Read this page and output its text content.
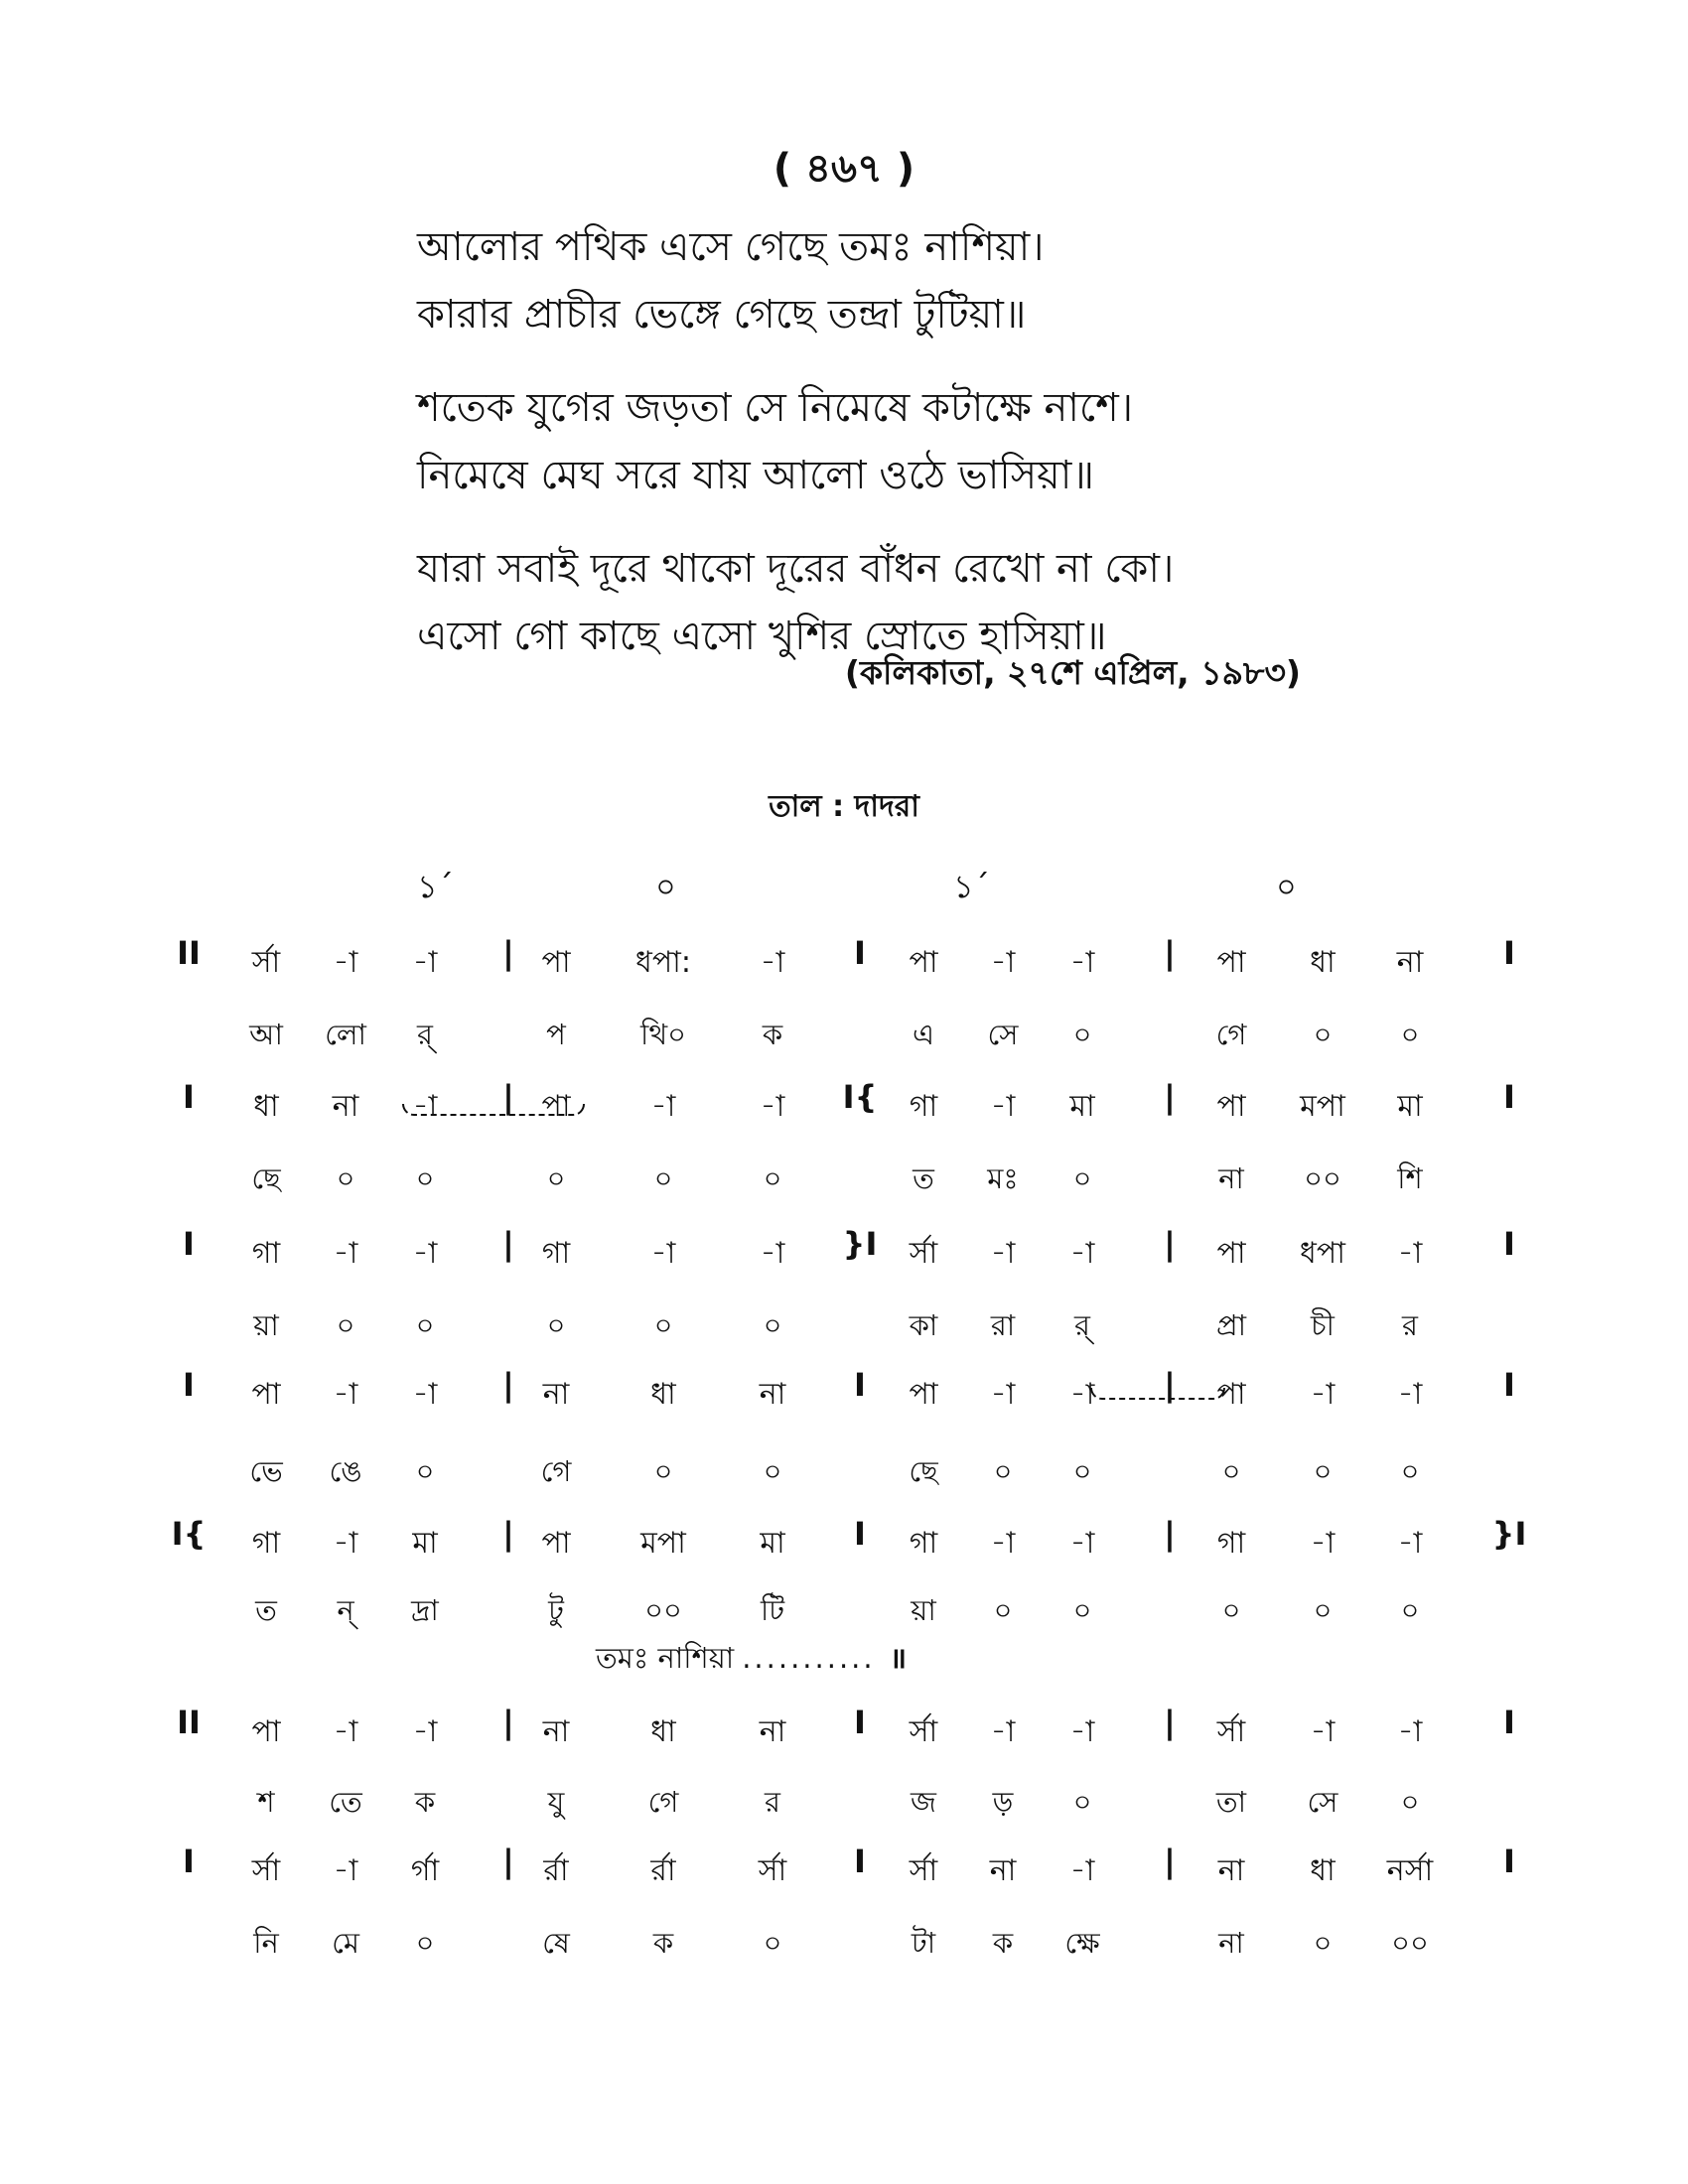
( ৪৬৭ )
আলোর পথিক এসে গেছে তমঃ নাশিয়া।
কারার প্রাচীর ভেঙ্গে গেছে তন্দ্রা টুটিয়া॥
শতেক যুগের জড়তা সে নিমেষে কটাক্ষে নাশে।
নিমেষে মেঘ সরে যায় আলো ওঠে ভাসিয়া॥
যারা সবাই দূরে থাকো দূরের বাঁধন রেখো না কো।
এসো গো কাছে এসো খুশির স্রোতে হাসিয়া॥
(কলিকাতা, ২৭শে এপ্রিল, ১৯৮৩)
তাল : দাদরা
১´	০	১´	০
II	|	I	|	I
র্সা	-া	-া	পা	ধপা:	-া	পা	-া	-া	পা	ধা	না
আ	লো	র্	প	থি০	ক	এ	সে	০	গে	০	০
I	|	I{	|	I
ধা	না	-া	পা	-া	-া	গা	-া	মা	পা	মপা	মা
ছে	০	০	০	০	০	ত	মঃ	০	না	০০	শি
I	|	}I	|	I
গা	-া	-া	গা	-া	-া	র্সা	-া	-া	পা	ধপা	-া
য়া	০	০	০	০	০	কা	রা	র্	প্রা	চী	র
I	|	I	|	I
পা	-া	-া	না	ধা	না	পা	-া	-া	পা	-া	-া
ভে	ঙে	০	গে	০	০	ছে	০	০	০	০	০
I{	|	I	|	}I
গা	-া	মা	পা	মপা	মা	গা	-া	-া	গা	-া	-া
ত	ন্	দ্রা	টু	০০	টি	য়া	০	০	০	০	০
II	|	I	|	I
পা	-া	-া	না	ধা	না	র্সা	-া	-া	র্সা	-া	-া
শ	তে	ক	যু	গে	র	জ	ড়	০	তা	সে	০
I	|	I	|	I
র্সা	-া	র্গা	র্রা	র্রা	র্সা	র্সা	না	-া	না	ধা	নর্সা
নি	মে	০	ষে	ক	০	টা	ক	ক্ষে	না	০	০০
তমঃ নাশিয়া ........... ॥
